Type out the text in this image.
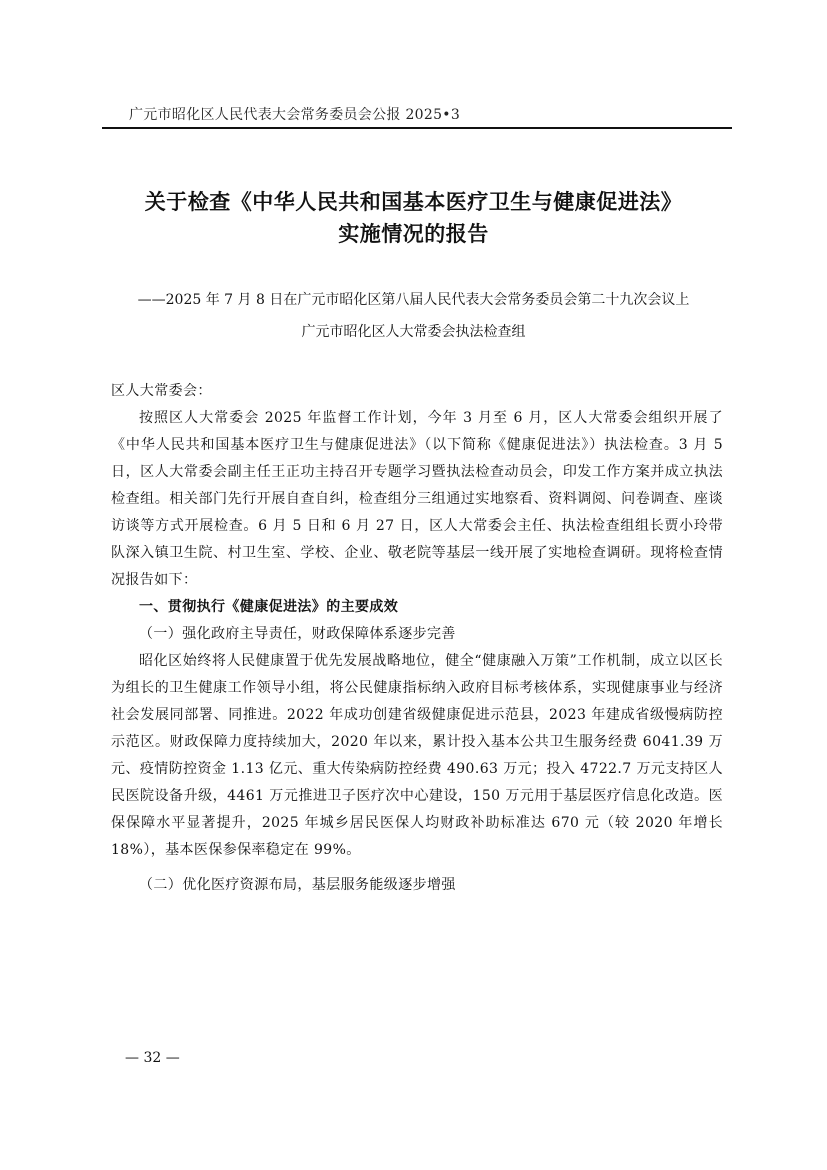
广元市昭化区人民代表大会常务委员会公报 2025•3
关于检查《中华人民共和国基本医疗卫生与健康促进法》
实施情况的报告
——2025 年 7 月 8 日在广元市昭化区第八届人民代表大会常务委员会第二十九次会议上
广元市昭化区人大常委会执法检查组

区人大常委会：

按照区人大常委会 2025 年监督工作计划，今年 3 月至 6 月，区人大常委会组织开展了《中华人民共和国基本医疗卫生与健康促进法》（以下简称《健康促进法》）执法检查。3 月 5 日，区人大常委会副主任王正功主持召开专题学习暨执法检查动员会，印发工作方案并成立执法检查组。相关部门先行开展自查自纠，检查组分三组通过实地察看、资料调阅、问卷调查、座谈访谈等方式开展检查。6 月 5 日和 6 月 27 日，区人大常委会主任、执法检查组组长贾小玲带队深入镇卫生院、村卫生室、学校、企业、敬老院等基层一线开展了实地检查调研。现将检查情况报告如下：

一、贯彻执行《健康促进法》的主要成效

（一）强化政府主导责任，财政保障体系逐步完善

昭化区始终将人民健康置于优先发展战略地位，健全“健康融入万策”工作机制，成立以区长为组长的卫生健康工作领导小组，将公民健康指标纳入政府目标考核体系，实现健康事业与经济社会发展同部署、同推进。2022 年成功创建省级健康促进示范县，2023 年建成省级慢病防控示范区。财政保障力度持续加大，2020 年以来，累计投入基本公共卫生服务经费 6041.39 万元、疫情防控资金 1.13 亿元、重大传染病防控经费 490.63 万元；投入 4722.7 万元支持区人民医院设备升级，4461 万元推进卫子医疗次中心建设，150 万元用于基层医疗信息化改造。医保保障水平显著提升，2025 年城乡居民医保人均财政补助标准达 670 元（较 2020 年增长 18%），基本医保参保率稳定在 99%。

（二）优化医疗资源布局，基层服务能级逐步增强

— 32 —
